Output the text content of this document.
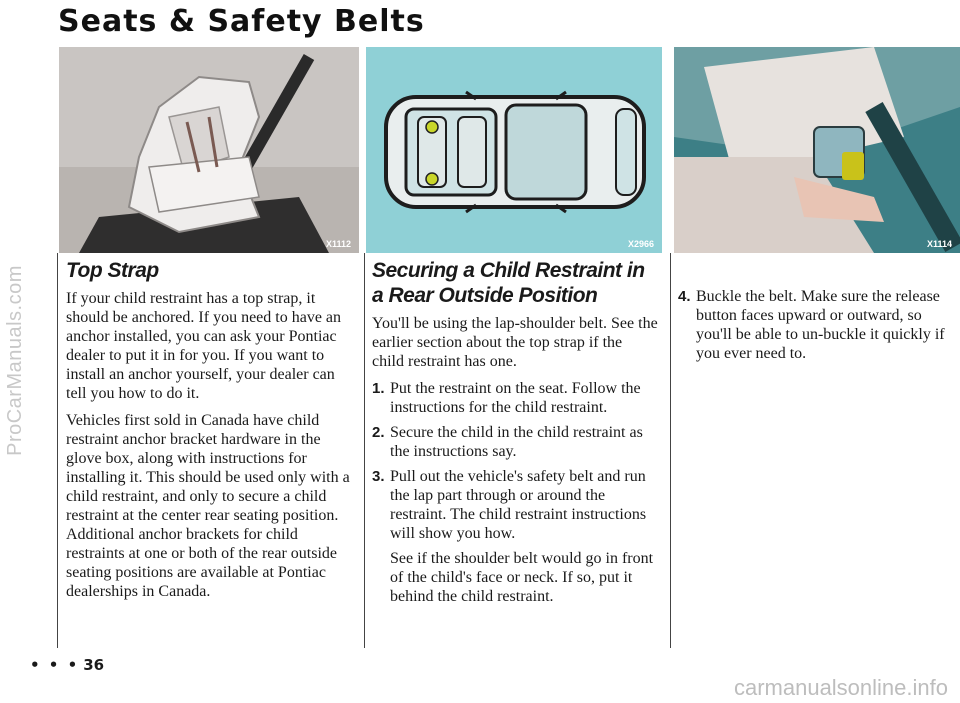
ProCarManuals.com
Seats & Safety Belts
X1112	X2966	X1114
Top Strap

If your child restraint has a top strap, it should be anchored. If you need to have an anchor installed, you can ask your Pontiac dealer to put it in for you. If you want to install an anchor yourself, your dealer can tell you how to do it.

Vehicles first sold in Canada have child restraint anchor bracket hardware in the glove box, along with instructions for installing it. This should be used only with a child restraint, and only to secure a child restraint at the center rear seating position. Additional anchor brackets for child restraints at one or both of the rear outside seating positions are available at Pontiac dealerships in Canada.

Securing a Child Restraint in a Rear Outside Position

You'll be using the lap-shoulder belt. See the earlier section about the top strap if the child restraint has one.

1. Put the restraint on the seat. Follow the instructions for the child restraint.
2. Secure the child in the child restraint as the instructions say.
3. Pull out the vehicle's safety belt and run the lap part through or around the restraint. The child restraint instructions will show you how.

See if the shoulder belt would go in front of the child's face or neck. If so, put it behind the child restraint.

4. Buckle the belt. Make sure the release button faces upward or outward, so you'll be able to un-buckle it quickly if you ever need to.
• • • 36
carmanualsonline.info
